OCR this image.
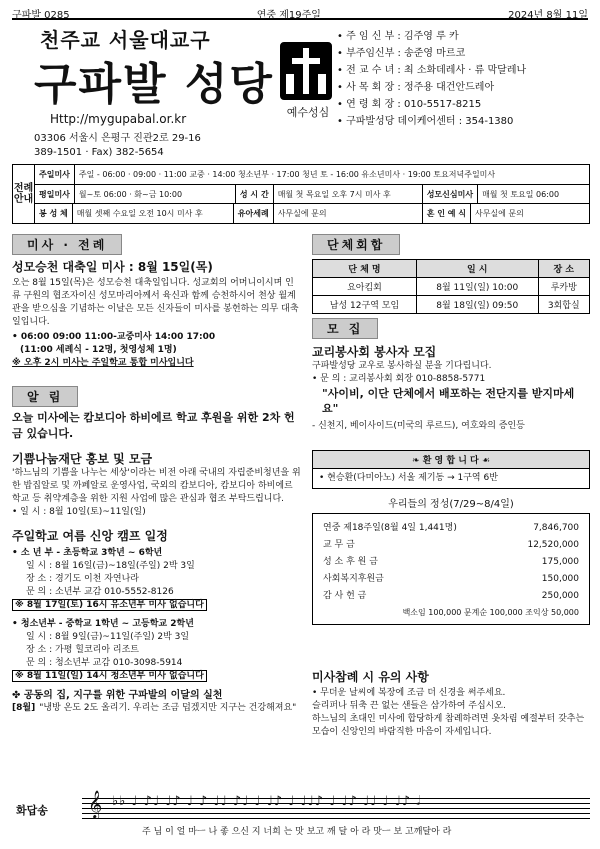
구파발 0285	연중 제19주일	2024년 8월 11일
천주교 서울대교구
구파발 성당
Http://mygupabal.or.kr
03306 서울시 은평구 진관2로 29-16
389-1501 · Fax) 382-5654
예수성심
• 주 임 신 부 : 김주영 루 카
• 부주임신부 : 송준영 마르코
• 전 교 수 녀 : 최 소화데레사 · 류 막달레나
• 사 목 회 장 : 정주용 대건안드레아
• 연 령 회 장 : 010-5517-8215
• 구파발성당 데이케어센터 : 354-1380
전례안내
주일미사	주일 - 06:00 · 09:00 · 11:00 교중 · 14:00 청소년부 · 17:00 청년 토 - 16:00 유소년미사 · 19:00 토요저녁주일미사
평일미사	월~토 06:00 · 화~금 10:00	성 시 간	매월 첫 목요일 오후 7시 미사 후	성모신심미사	매월 첫 토요일 06:00
봉 성 체	매월 셋째 수요일 오전 10시 미사 후	유아세례	사무실에 문의	혼 인 예 식	사무실에 문의
미사 · 전례
성모승천 대축일 미사 : 8월 15일(목)
오는 8월 15일(목)은 성모승천 대축일입니다. 성교회의 어머니이시며 인류 구원의 협조자이신 성모마리아께서 육신과 함께 승천하시어 천상 월계관을 받으심을 기념하는 이날은 모든 신자들이 미사를 봉헌하는 의무 대축일입니다.
• 06:00 09:00 11:00-교중미사 14:00 17:00
(11:00 세례식 - 12명, 첫영성체 1명)
※ 오후 2시 미사는 주일학교 통합 미사입니다
알 림
오늘 미사에는 캄보디아 하비에르 학교 후원을 위한 2차 헌금 있습니다.
기쁨나눔재단 홍보 및 모금
'하느님의 기쁨을 나누는 세상'이라는 비전 아래 국내의 자립준비청년을 위한 밥집알로 및 까페알로 운영사업, 국외의 캄보디아, 캄보디아 하비에르 학교 등 취약계층을 위한 지원 사업에 많은 관심과 협조 부탁드립니다.
• 일 시 : 8월 10일(토)~11일(일)
주일학교 여름 신앙 캠프 일정
• 소 년 부 - 초등학교 3학년 ~ 6학년
일 시 : 8월 16일(금)~18일(주일) 2박 3일
장 소 : 경기도 이천 자연나라
문 의 : 소년부 교감 010-5552-8126
※ 8월 17일(토) 16시 유소년부 미사 없습니다
• 청소년부 - 중학교 1학년 ~ 고등학교 2학년
일 시 : 8월 9일(금)~11일(주일) 2박 3일
장 소 : 가평 힐코리아 리조트
문 의 : 청소년부 교감 010-3098-5914
※ 8월 11일(일) 14시 청소년부 미사 없습니다
✤ 공동의 집, 지구를 위한 구파발의 이달의 실천
[8월] "냉방 온도 2도 올리기. 우리는 조금 덥겠지만 지구는 건강해져요"
단체회합
단 체 명	일 시	장 소
요아킴회	8월 11일(일) 10:00	루카방
남성 12구역 모임	8월 18일(일) 09:50	3회합실
모 집
교리봉사회 봉사자 모집
구파발성당 교우로 봉사하실 분을 기다립니다.
• 문 의 : 교리봉사회 회장 010-8858-5771
"사이비, 이단 단체에서 배포하는 전단지를 받지마세요"
- 신천지, 베이사이드(미국의 루르드), 여호와의 증인등
❧ 환 영 합 니 다 ☙
• 현승환(다미아노) 서울 제기동 → 1구역 6반
우리들의 정성(7/29~8/4일)
연중 제18주일(8월 4일 1,441명)	7,846,700
교 무 금	12,520,000
성 소 후 원 금	175,000
사회복지후원금	150,000
감 사 헌 금	250,000
백소임 100,000 문계순 100,000 조익상 50,000
미사참례 시 유의 사항
• 무더운 날씨에 복장에 조금 더 신경을 써주세요.
슬리퍼나 뒤축 끈 없는 샌들은 삼가하여 주십시오.
하느님의 초대인 미사에 합당하게 참례하려면 옷차림 예절부터 갖추는 모습이 신앙인의 바람직한 마음이 자세입니다.
화답송 𝄞 ♭♭ ♩ ♪♩ ♩♪ ♩ ♪ ♩♩ ♪♩ ♩ ♩♪ ♩ ♩♩♪ ♩ ♩♪ ♩♩ ♩ ♩♪ 𝅗𝅥
주 님 이 얼 마ㅡ 나 좋 으신 지 너희 는 맛 보고 깨 달 아 라 맛ㅡ 보 고깨달아 라
